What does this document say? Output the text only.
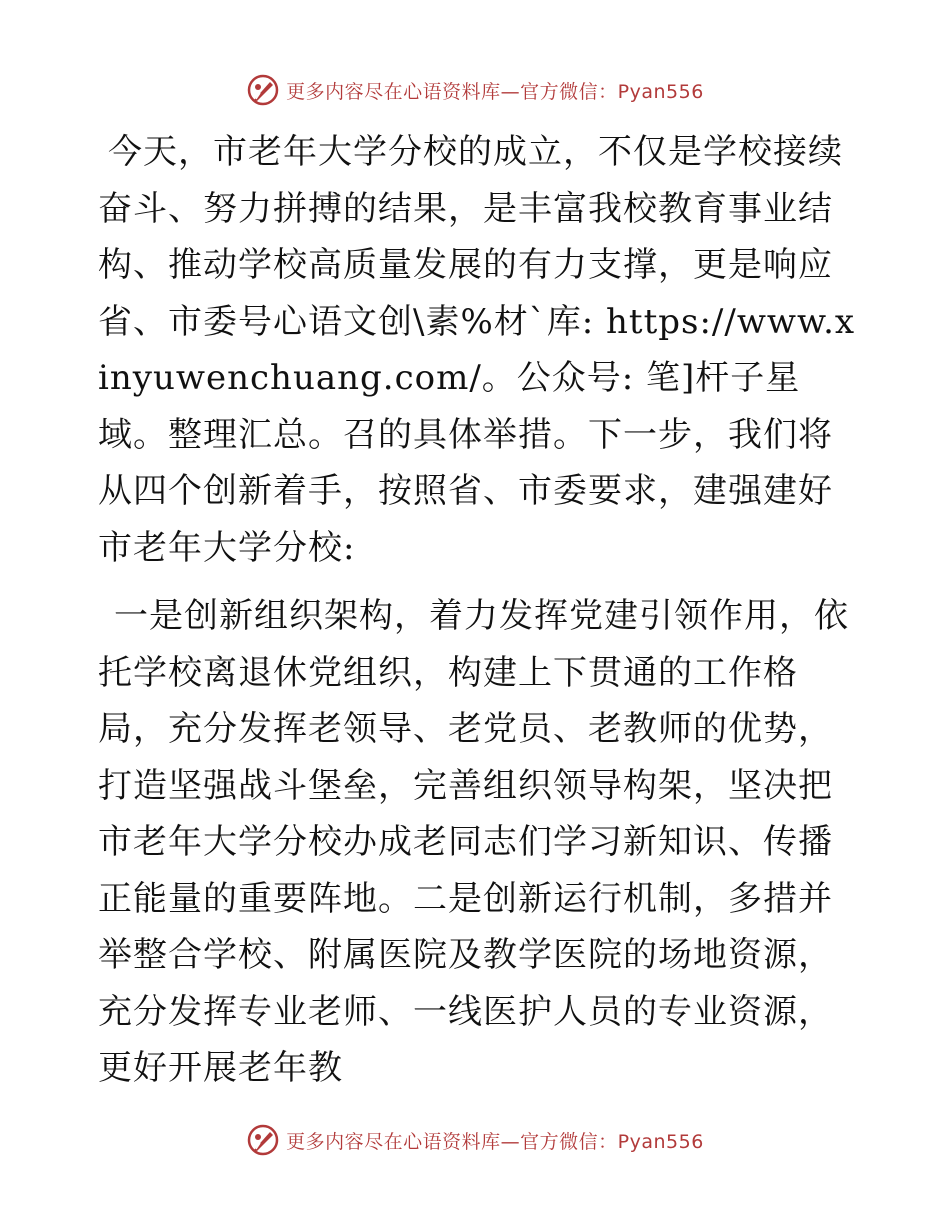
更多内容尽在心语资料库—官方微信：Pyan556

今天，市老年大学分校的成立，不仅是学校接续奋斗、努力拼搏的结果，是丰富我校教育事业结构、推动学校高质量发展的有力支撑，更是响应省、市委号心语文创\素%材`库: https://www.xinyuwenchuang.com/。公众号: 笔]杆子星域。整理汇总。召的具体举措。下一步，我们将从四个创新着手，按照省、市委要求，建强建好市老年大学分校:

一是创新组织架构，着力发挥党建引领作用，依托学校离退休党组织，构建上下贯通的工作格局，充分发挥老领导、老党员、老教师的优势，打造坚强战斗堡垒，完善组织领导构架，坚决把市老年大学分校办成老同志们学习新知识、传播正能量的重要阵地。二是创新运行机制，多措并举整合学校、附属医院及教学医院的场地资源，充分发挥专业老师、一线医护人员的专业资源，更好开展老年教

更多内容尽在心语资料库—官方微信：Pyan556
